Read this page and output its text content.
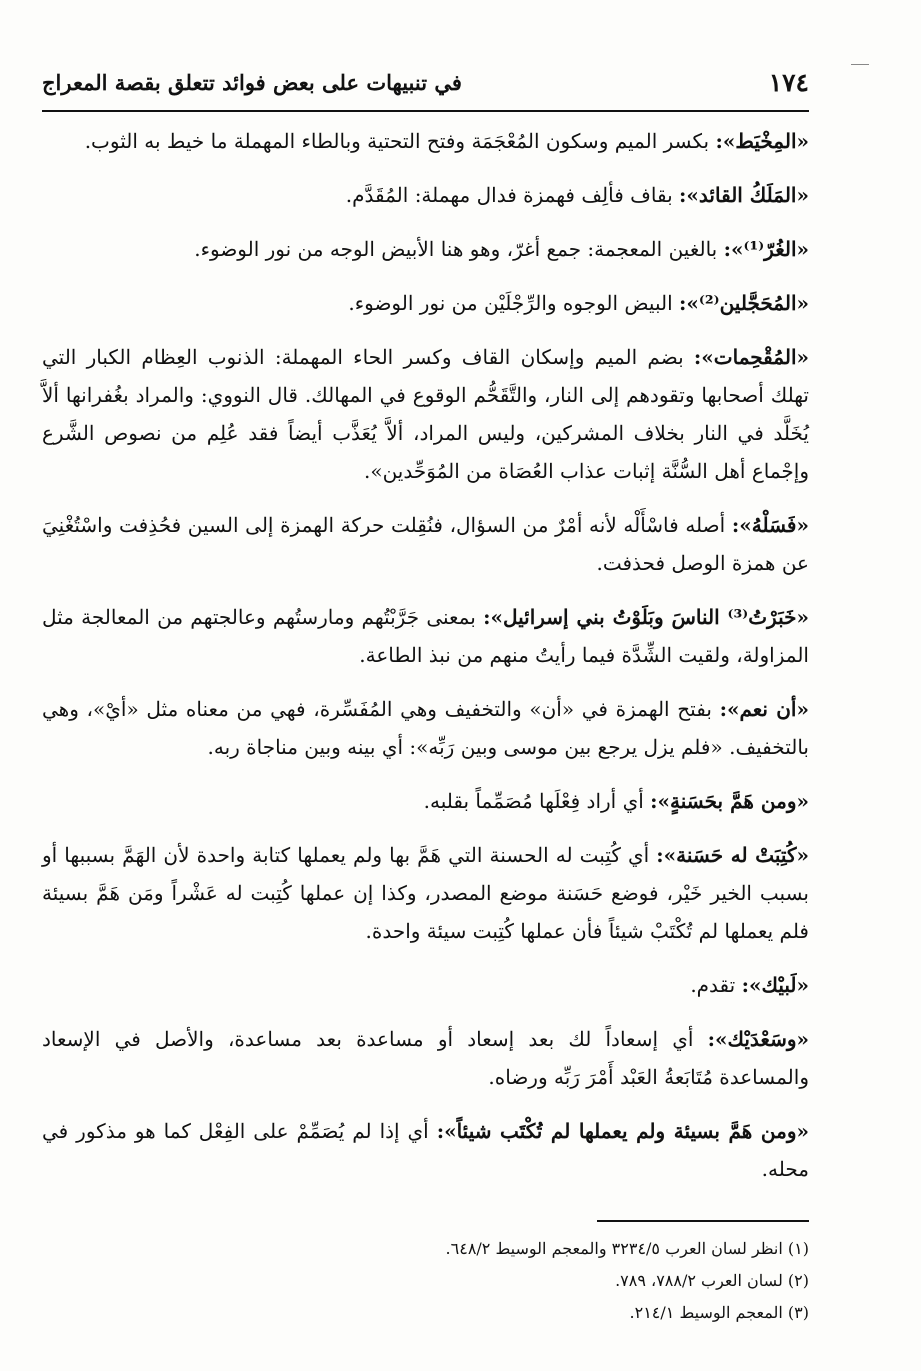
١٧٤
في تنبيهات على بعض فوائد تتعلق بقصة المعراج

«المِخْيَط»: بكسر الميم وسكون المُعْجَمَة وفتح التحتية وبالطاء المهملة ما خيط به الثوب.

«المَلَكُ القائد»: بقاف فألِف فهمزة فدال مهملة: المُقَدَّم.

«الغُرّ⁽¹⁾»: بالغين المعجمة: جمع أغرّ، وهو هنا الأبيض الوجه من نور الوضوء.

«المُحَجَّلين⁽²⁾»: البيض الوجوه والرِّجْلَيْن من نور الوضوء.

«المُقْحِمات»: بضم الميم وإسكان القاف وكسر الحاء المهملة: الذنوب العِظام الكبار التي تهلك أصحابها وتقودهم إلى النار، والتَّقَحُّم الوقوع في المهالك. قال النووي: والمراد بغُفرانها ألاَّ يُخَلَّد في النار بخلاف المشركين، وليس المراد، ألاَّ يُعَذَّب أيضاً فقد عُلِم من نصوص الشَّرع وإجْماع أهل السُّنَّة إثبات عذاب العُصَاة من المُوَحِّدين».

«فَسَلْهُ»: أصله فاسْأَلْه لأنه أمْرٌ من السؤال، فنُقِلت حركة الهمزة إلى السين فحُذِفت واسْتُغْنِيَ عن همزة الوصل فحذفت.

«خَبَرْتُ⁽³⁾ الناسَ وبَلَوْتُ بني إسرائيل»: بمعنى جَرَّبْتُهم ومارستُهم وعالجتهم من المعالجة مثل المزاولة، ولقيت الشِّدَّة فيما رأيتُ منهم من نبذ الطاعة.

«أن نعم»: بفتح الهمزة في «أن» والتخفيف وهي المُفَسِّرة، فهي من معناه مثل «أيْ»، وهي بالتخفيف. «فلم يزل يرجع بين موسى وبين رَبِّه»: أي بينه وبين مناجاة ربه.

«ومن هَمَّ بحَسَنةٍ»: أي أراد فِعْلَها مُصَمِّماً بقلبه.

«كُتِبَتْ له حَسَنة»: أي كُتِبت له الحسنة التي هَمَّ بها ولم يعملها كتابة واحدة لأن الهَمَّ بسببها أو بسبب الخير خَيْر، فوضع حَسَنة موضع المصدر، وكذا إن عملها كُتِبت له عَشْراً ومَن هَمَّ بسيئة فلم يعملها لم تُكْتَبْ شيئاً فأن عملها كُتِبت سيئة واحدة.

«لَبيْك»: تقدم.

«وسَعْدَيْك»: أي إسعاداً لك بعد إسعاد أو مساعدة بعد مساعدة، والأصل في الإسعاد والمساعدة مُتَابَعةُ العَبْد أَمْرَ رَبِّه ورضاه.

«ومن هَمَّ بسيئة ولم يعملها لم تُكْتَب شيئاً»: أي إذا لم يُصَمِّمْ على الفِعْل كما هو مذكور في محله.

(١) انظر لسان العرب ٣٢٣٤/٥ والمعجم الوسيط ٦٤٨/٢.

(٢) لسان العرب ٧٨٨/٢، ٧٨٩.

(٣) المعجم الوسيط ٢١٤/١.
